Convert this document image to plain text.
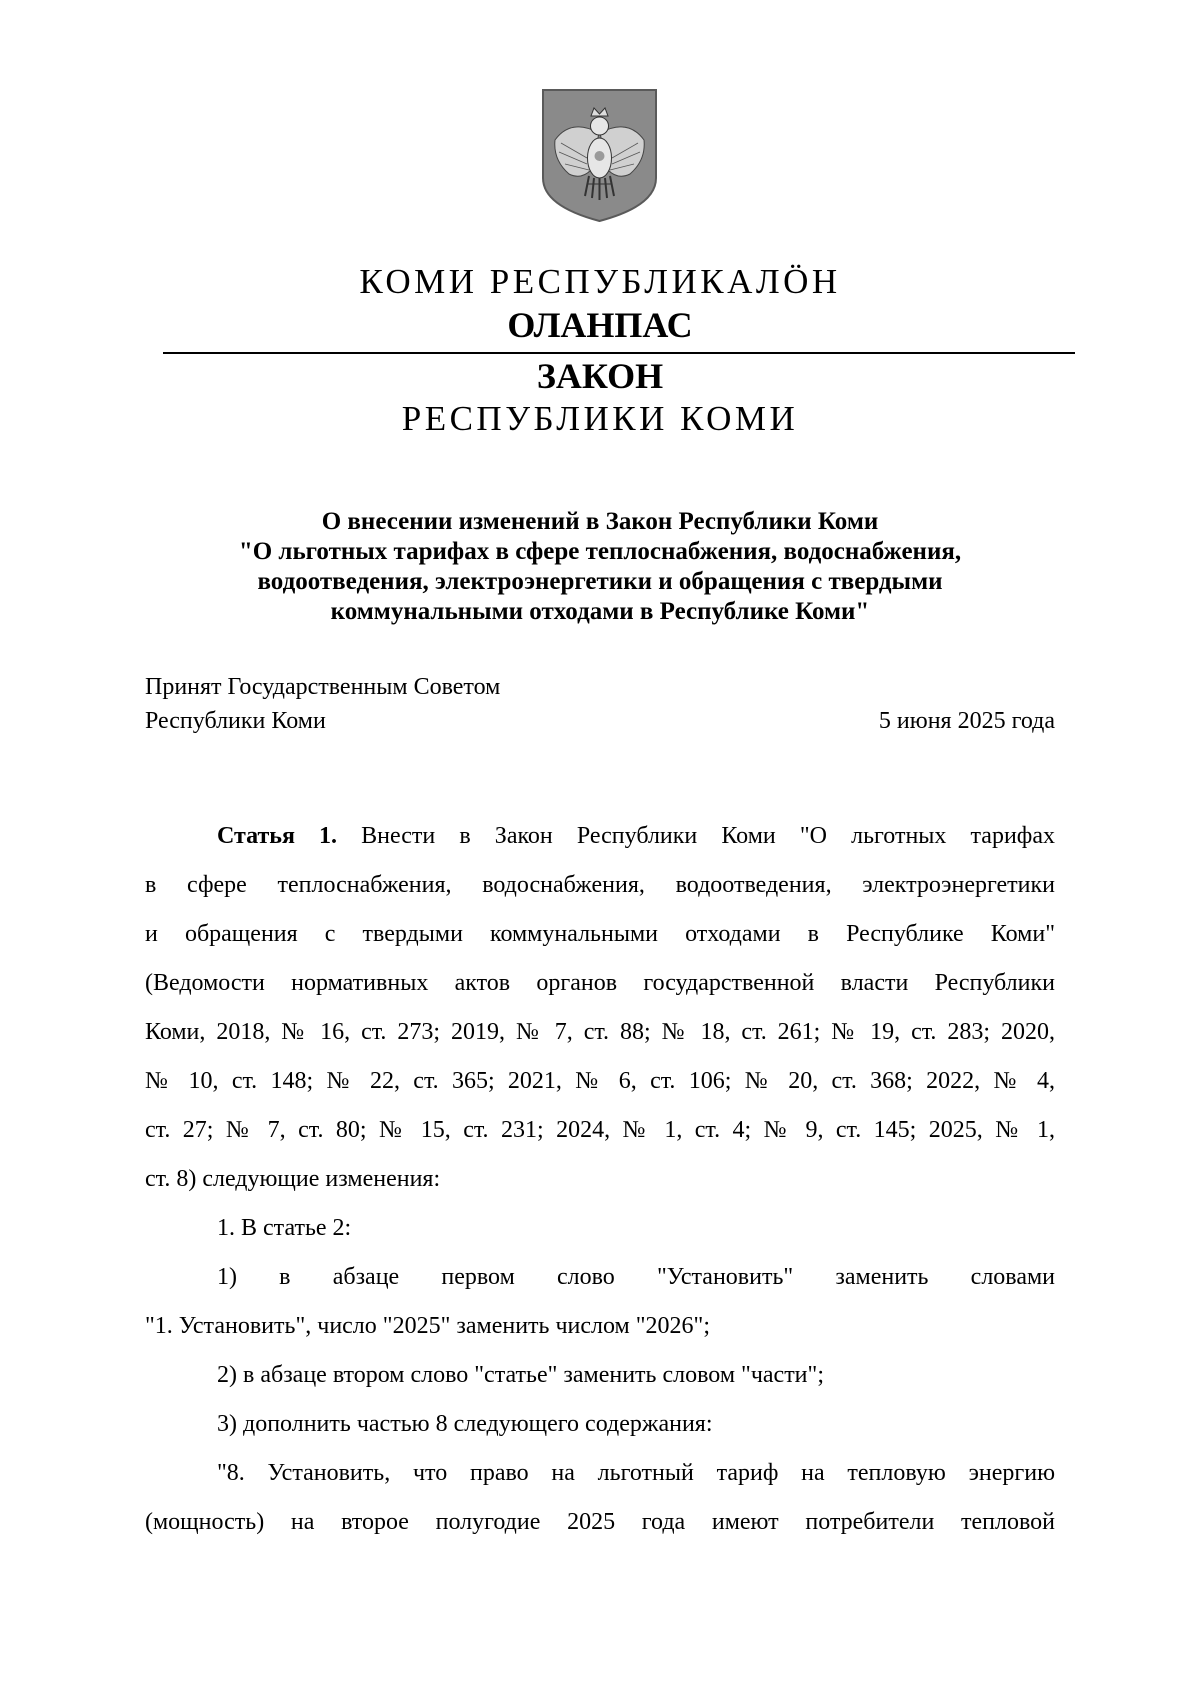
КОМИ РЕСПУБЛИКАЛӦН
ОЛАНПАС
ЗАКОН
РЕСПУБЛИКИ КОМИ
О внесении изменений в Закон Республики Коми
"О льготных тарифах в сфере теплоснабжения, водоснабжения,
водоотведения, электроэнергетики и обращения с твердыми
коммунальными отходами в Республике Коми"
Принят Государственным Советом
Республики Коми	5 июня 2025 года
Статья 1. Внести в Закон Республики Коми "О льготных тарифах
в сфере теплоснабжения, водоснабжения, водоотведения, электроэнергетики
и обращения с твердыми коммунальными отходами в Республике Коми"
(Ведомости нормативных актов органов государственной власти Республики
Коми, 2018, № 16, ст. 273; 2019, № 7, ст. 88; № 18, ст. 261; № 19, ст. 283; 2020,
№ 10, ст. 148; № 22, ст. 365; 2021, № 6, ст. 106; № 20, ст. 368; 2022, № 4,
ст. 27; № 7, ст. 80; № 15, ст. 231; 2024, № 1, ст. 4; № 9, ст. 145; 2025, № 1,
ст. 8) следующие изменения:
1. В статье 2:
1) в абзаце первом слово "Установить" заменить словами
"1. Установить", число "2025" заменить числом "2026";
2) в абзаце втором слово "статье" заменить словом "части";
3) дополнить частью 8 следующего содержания:
"8. Установить, что право на льготный тариф на тепловую энергию
(мощность) на второе полугодие 2025 года имеют потребители тепловой
